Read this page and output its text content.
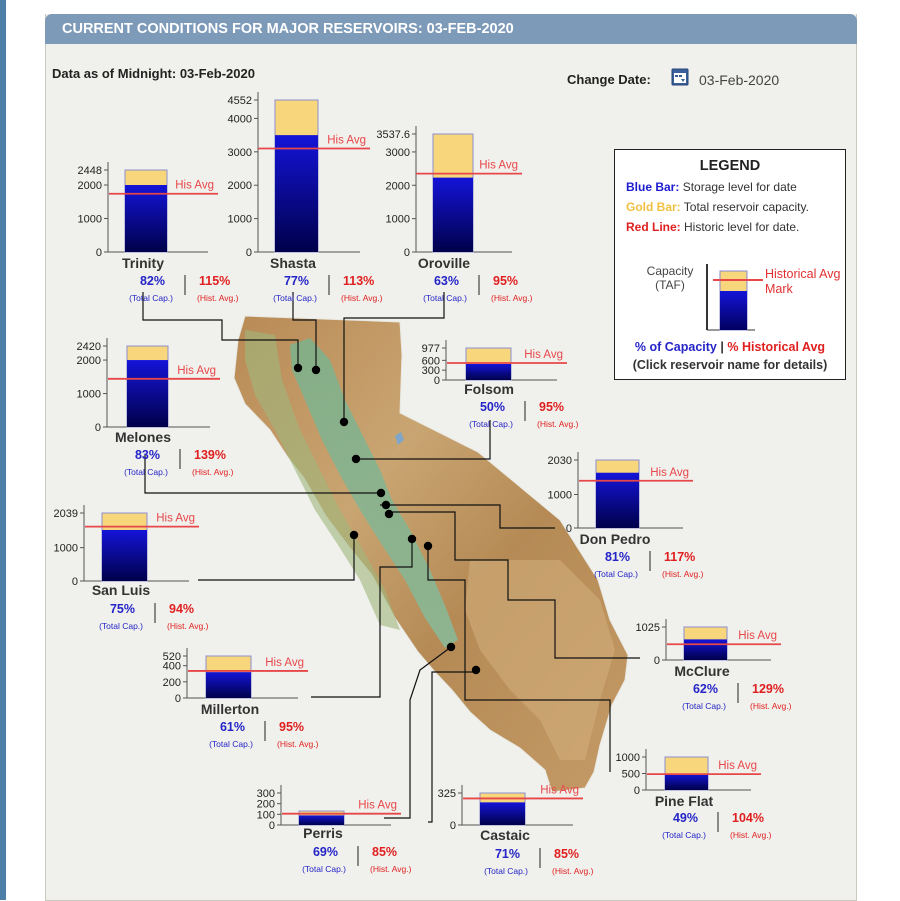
CURRENT CONDITIONS FOR MAJOR RESERVOIRS: 03-FEB-2020
2448
2000
1000
0
His Avg
Trinity
82%	115%
(Total Cap.)	(Hist. Avg.)
4552
4000
3000
2000
1000
0
His Avg
Shasta
77%	113%
(Total Cap.)	(Hist. Avg.)
3537.6
3000
2000
1000
0
His Avg
Oroville
63%	95%
(Total Cap.)	(Hist. Avg.)
2420
2000
1000
0
His Avg
Melones
83%	139%
(Total Cap.)	(Hist. Avg.)
977
600
300
0
His Avg
Folsom
50%	95%
(Total Cap.)	(Hist. Avg.)
2039
1000
0
His Avg
San Luis
75%	94%
(Total Cap.)	(Hist. Avg.)
2030
1000
0
His Avg
Don Pedro
81%	117%
(Total Cap.)	(Hist. Avg.)
1025
0
His Avg
McClure
62%	129%
(Total Cap.)	(Hist. Avg.)
520
400
200
0
His Avg
Millerton
61%	95%
(Total Cap.)	(Hist. Avg.)
1000
500
0
His Avg
Pine Flat
49%	104%
(Total Cap.)	(Hist. Avg.)
300
200
100
0
His Avg
Perris
69%	85%
(Total Cap.)	(Hist. Avg.)
325
0
His Avg
Castaic
71%	85%
(Total Cap.)	(Hist. Avg.)
Data as of Midnight: 03-Feb-2020	Change Date:	03-Feb-2020
LEGEND
Blue Bar: Storage level for date
Gold Bar: Total reservoir capacity.
Red Line: Historic level for date.
Capacity (TAF)
Historical Avg Mark
% of Capacity | % Historical Avg
(Click reservoir name for details)
